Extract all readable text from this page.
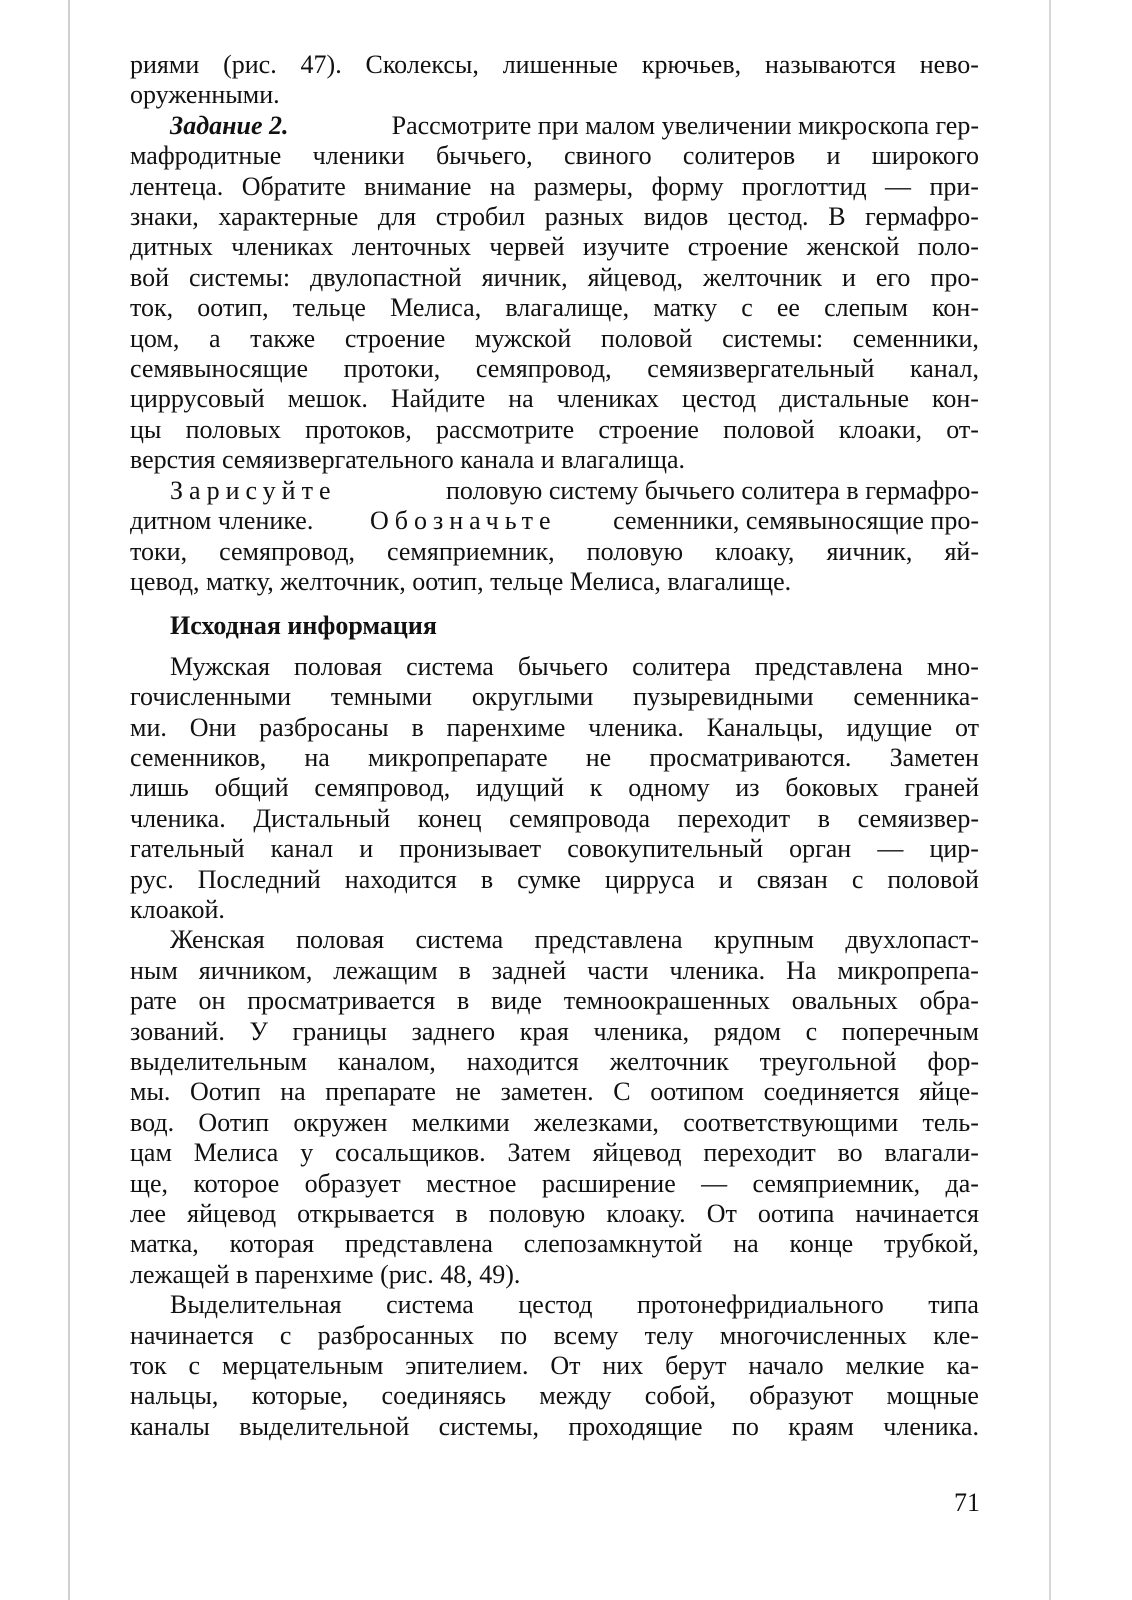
риями (рис. 47). Сколексы, лишенные крючьев, называются нево-
оруженными.
Задание 2.	Рассмотрите при малом увеличении микроскопа гер-
мафродитные членики бычьего, свиного солитеров и широкого
лентеца. Обратите внимание на размеры, форму проглоттид — при-
знаки, характерные для стробил разных видов цестод. В гермафро-
дитных члениках ленточных червей изучите строение женской поло-
вой системы: двулопастной яичник, яйцевод, желточник и его про-
ток, оотип, тельце Мелиса, влагалище, матку с ее слепым кон-
цом, а также строение мужской половой системы: семенники,
семявыносящие протоки, семяпровод, семяизвергательный канал,
циррусовый мешок. Найдите на члениках цестод дистальные кон-
цы половых протоков, рассмотрите строение половой клоаки, от-
верстия семяизвергательного канала и влагалища.
Зарисуйте	половую систему бычьего солитера в гермафро-
дитном членике. Обозначьте семенники, семявыносящие про-
токи, семяпровод, семяприемник, половую клоаку, яичник, яй-
цевод, матку, желточник, оотип, тельце Мелиса, влагалище.
Исходная информация
Мужская половая система бычьего солитера представлена мно-
гочисленными темными округлыми пузыревидными семенника-
ми. Они разбросаны в паренхиме членика. Канальцы, идущие от
семенников, на микропрепарате не просматриваются. Заметен
лишь общий семяпровод, идущий к одному из боковых граней
членика. Дистальный конец семяпровода переходит в семяизвер-
гательный канал и пронизывает совокупительный орган — цир-
рус. Последний находится в сумке цирруса и связан с половой
клоакой.
Женская половая система представлена крупным двухлопаст-
ным яичником, лежащим в задней части членика. На микропрепа-
рате он просматривается в виде темноокрашенных овальных обра-
зований. У границы заднего края членика, рядом с поперечным
выделительным каналом, находится желточник треугольной фор-
мы. Оотип на препарате не заметен. С оотипом соединяется яйце-
вод. Оотип окружен мелкими железками, соответствующими тель-
цам Мелиса у сосальщиков. Затем яйцевод переходит во влагали-
ще, которое образует местное расширение — семяприемник, да-
лее яйцевод открывается в половую клоаку. От оотипа начинается
матка, которая представлена слепозамкнутой на конце трубкой,
лежащей в паренхиме (рис. 48, 49).
Выделительная система цестод протонефридиального типа
начинается с разбросанных по всему телу многочисленных кле-
ток с мерцательным эпителием. От них берут начало мелкие ка-
нальцы, которые, соединяясь между собой, образуют мощные
каналы выделительной системы, проходящие по краям членика.
71
